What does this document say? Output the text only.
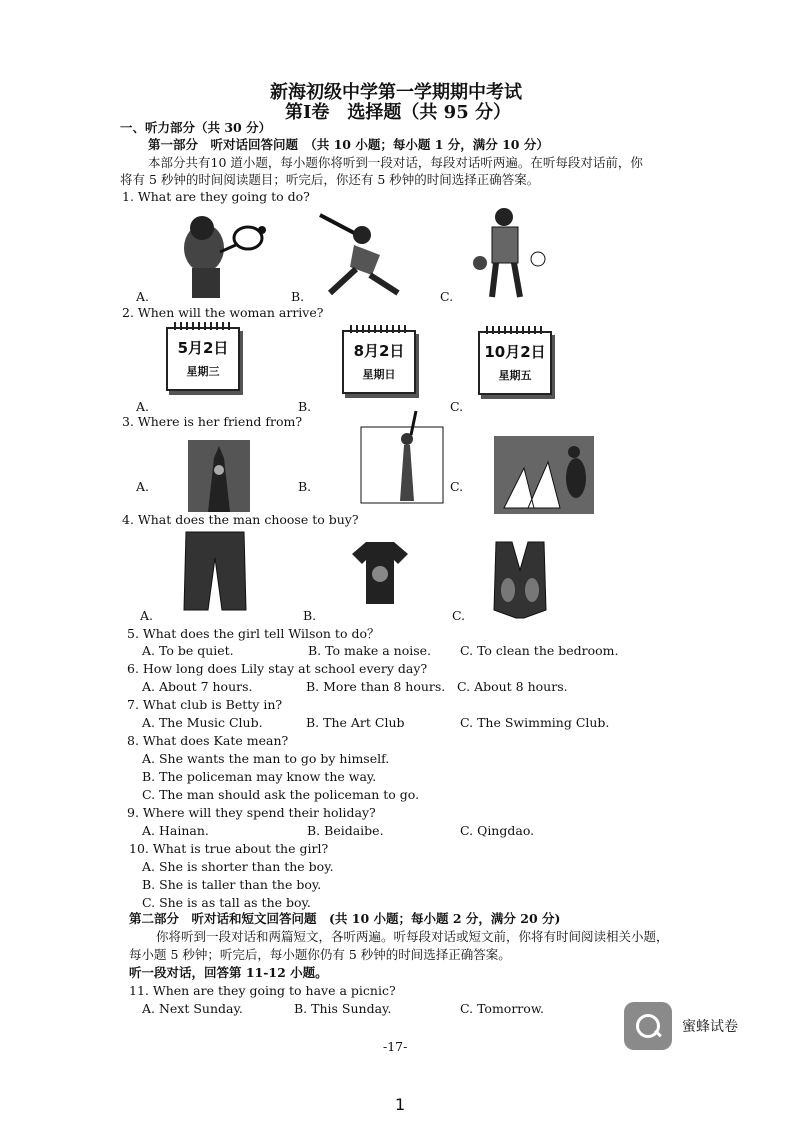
新海初级中学第一学期期中考试
第Ⅰ卷　选择题（共 95 分）
一、听力部分（共 30 分）
第一部分　听对话回答问题　（共 10 小题；每小题 1 分，满分 10 分）
本部分共有10 道小题，每小题你将听到一段对话，每段对话听两遍。在听每段对话前，你
将有 5 秒钟的时间阅读题目；听完后，你还有 5 秒钟的时间选择正确答案。
1. What are they going to do?
A.	B.	C.
2. When will the woman arrive?
5月2日
星期三
8月2日
星期日
10月2日
星期五
A.	B.	C.
3. Where is her friend from?
A.	B.	C.
4. What does the man choose to buy?
A.	B.	C.
5. What does the girl tell Wilson to do？
A. To be quiet.	B. To make a noise. C. To clean the bedroom.
6. How long does Lily stay at school every day?
A. About 7 hours.	B. More than 8 hours. C. About 8 hours.
7. What club is Betty in?
A. The Music Club.	B. The Art Club	C. The Swimming Club.
8. What does Kate mean?
A. She wants the man to go by himself.
B. The policeman may know the way.
C. The man should ask the policeman to go.
9. Where will they spend their holiday?
A. Hainan.	B. Beidaibe.	C. Qingdao.
10. What is true about the girl?
A. She is shorter than the boy.
B. She is taller than the boy.
C. She is as tall as the boy.
第二部分　听对话和短文回答问题　(共 10 小题；每小题 2 分，满分 20 分)
你将听到一段对话和两篇短文，各听两遍。听每段对话或短文前，你将有时间阅读相关小题，
每小题 5 秒钟；听完后，每小题你仍有 5 秒钟的时间选择正确答案。
听一段对话，回答第 11-12 小题。
11. When are they going to have a picnic?
A. Next Sunday.	B. This Sunday.	C. Tomorrow.
-17-
蜜蜂试卷
1
